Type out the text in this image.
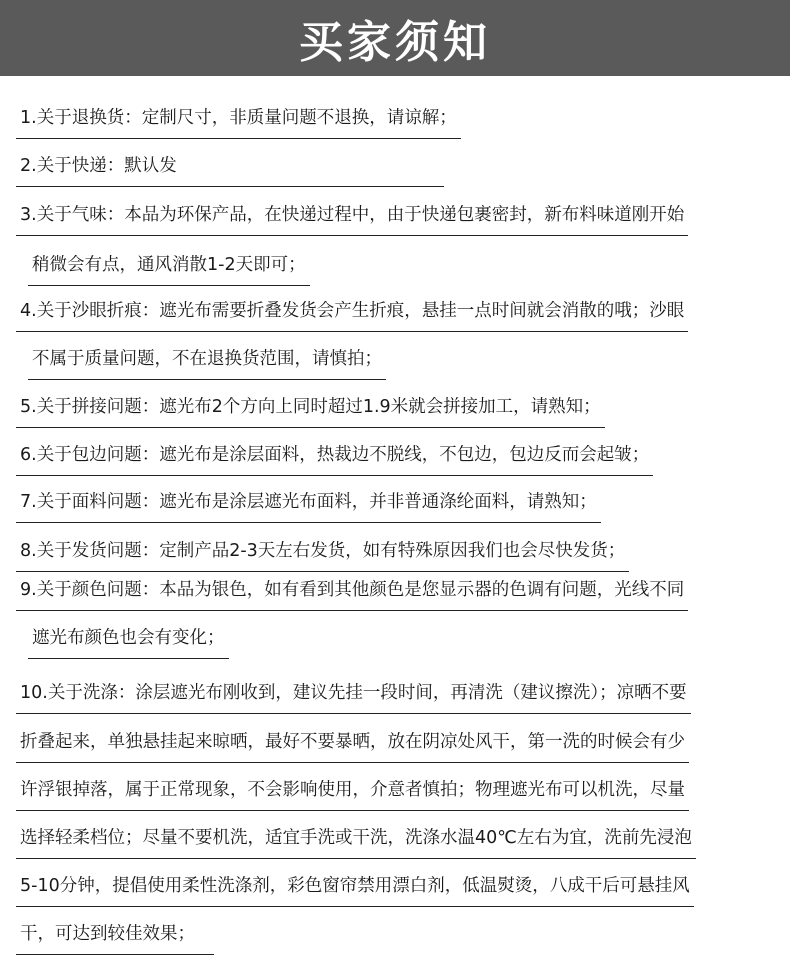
买家须知
1.关于退换货：定制尺寸，非质量问题不退换，请谅解；
2.关于快递：默认发
3.关于气味：本品为环保产品，在快递过程中，由于快递包裹密封，新布料味道刚开始
稍微会有点，通风消散1-2天即可；
4.关于沙眼折痕：遮光布需要折叠发货会产生折痕，悬挂一点时间就会消散的哦；沙眼
不属于质量问题，不在退换货范围，请慎拍；
5.关于拼接问题：遮光布2个方向上同时超过1.9米就会拼接加工，请熟知；
6.关于包边问题：遮光布是涂层面料，热裁边不脱线，不包边，包边反而会起皱；
7.关于面料问题：遮光布是涂层遮光布面料，并非普通涤纶面料，请熟知；
8.关于发货问题：定制产品2-3天左右发货，如有特殊原因我们也会尽快发货；
9.关于颜色问题：本品为银色，如有看到其他颜色是您显示器的色调有问题，光线不同
遮光布颜色也会有变化；
10.关于洗涤：涂层遮光布刚收到，建议先挂一段时间，再清洗（建议擦洗）；凉晒不要
折叠起来，单独悬挂起来晾晒，最好不要暴晒，放在阴凉处风干，第一洗的时候会有少
许浮银掉落，属于正常现象，不会影响使用，介意者慎拍；物理遮光布可以机洗，尽量
选择轻柔档位；尽量不要机洗，适宜手洗或干洗，洗涤水温40℃左右为宜，洗前先浸泡
5-10分钟，提倡使用柔性洗涤剂，彩色窗帘禁用漂白剂，低温熨烫，八成干后可悬挂风
干，可达到较佳效果；
